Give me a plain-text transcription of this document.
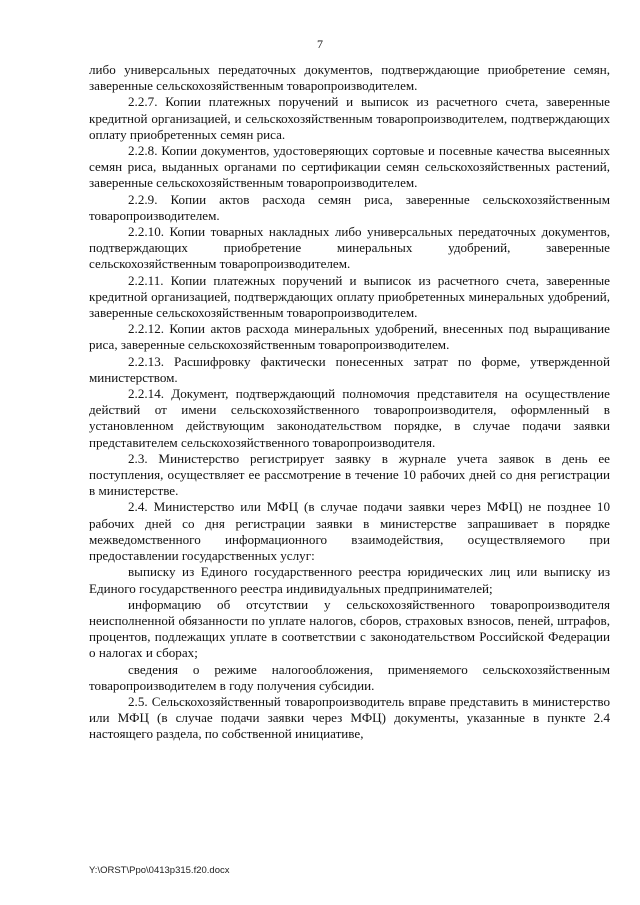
7

либо универсальных передаточных документов, подтверждающие приобретение семян, заверенные сельскохозяйственным товаропроизводителем.

2.2.7. Копии платежных поручений и выписок из расчетного счета, заверенные кредитной организацией, и сельскохозяйственным товаропроизводителем, подтверждающих оплату приобретенных семян риса.

2.2.8. Копии документов, удостоверяющих сортовые и посевные качества высеянных семян риса, выданных органами по сертификации семян сельскохозяйственных растений, заверенные сельскохозяйственным товаропроизводителем.

2.2.9. Копии актов расхода семян риса, заверенные сельскохозяйственным товаропроизводителем.

2.2.10. Копии товарных накладных либо универсальных передаточных документов, подтверждающих приобретение минеральных удобрений, заверенные сельскохозяйственным товаропроизводителем.

2.2.11. Копии платежных поручений и выписок из расчетного счета, заверенные кредитной организацией, подтверждающих оплату приобретенных минеральных удобрений, заверенные сельскохозяйственным товаропроизводителем.

2.2.12. Копии актов расхода минеральных удобрений, внесенных под выращивание риса, заверенные сельскохозяйственным товаропроизводителем.

2.2.13. Расшифровку фактически понесенных затрат по форме, утвержденной министерством.

2.2.14. Документ, подтверждающий полномочия представителя на осуществление действий от имени сельскохозяйственного товаропроизводителя, оформленный в установленном действующим законодательством порядке, в случае подачи заявки представителем сельскохозяйственного товаропроизводителя.

2.3. Министерство регистрирует заявку в журнале учета заявок в день ее поступления, осуществляет ее рассмотрение в течение 10 рабочих дней со дня регистрации в министерстве.

2.4. Министерство или МФЦ (в случае подачи заявки через МФЦ) не позднее 10 рабочих дней со дня регистрации заявки в министерстве запрашивает в порядке межведомственного информационного взаимодействия, осуществляемого при предоставлении государственных услуг:

выписку из Единого государственного реестра юридических лиц или выписку из Единого государственного реестра индивидуальных предпринимателей;

информацию об отсутствии у сельскохозяйственного товаропроизводителя неисполненной обязанности по уплате налогов, сборов, страховых взносов, пеней, штрафов, процентов, подлежащих уплате в соответствии с законодательством Российской Федерации о налогах и сборах;

сведения о режиме налогообложения, применяемого сельскохозяйственным товаропроизводителем в году получения субсидии.

2.5. Сельскохозяйственный товаропроизводитель вправе представить в министерство или МФЦ (в случае подачи заявки через МФЦ) документы, указанные в пункте 2.4 настоящего раздела, по собственной инициативе,

Y:\ORST\Ppo\0413p315.f20.docx
